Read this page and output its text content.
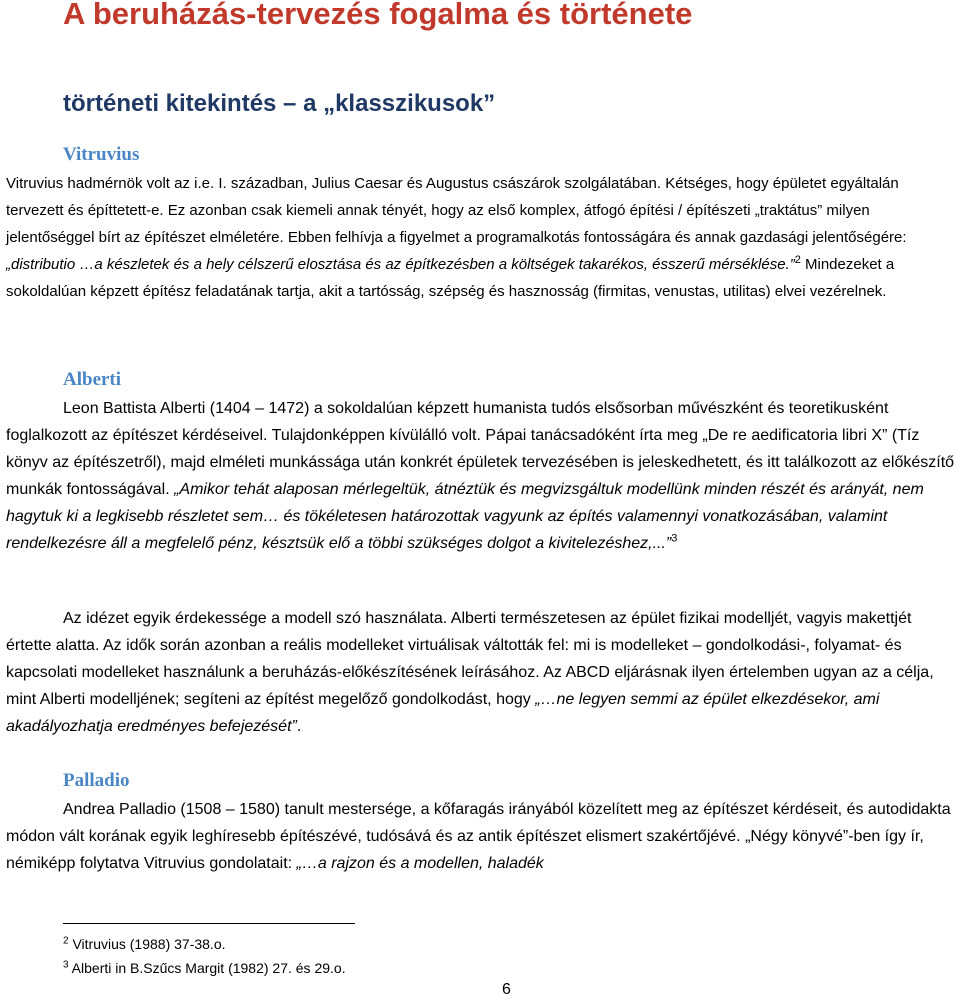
A beruházás-tervezés fogalma és története
történeti kitekintés – a „klasszikusok”
Vitruvius

Vitruvius hadmérnök volt az i.e. I. században, Julius Caesar és Augustus császárok szolgálatában. Kétséges, hogy épületet egyáltalán tervezett és építtetett-e. Ez azonban csak kiemeli annak tényét, hogy az első komplex, átfogó építési / építészeti „traktátus” milyen jelentőséggel bírt az építészet elméletére. Ebben felhívja a figyelmet a programalkotás fontosságára és annak gazdasági jelentőségére: „distributio …a készletek és a hely célszerű elosztása és az építkezésben a költségek takarékos, ésszerű mérséklése.”$^2$ Mindezeket a sokoldalúan képzett építész feladatának tartja, akit a tartósság, szépség és hasznosság (firmitas, venustas, utilitas) elvei vezérelnek.

Alberti

Leon Battista Alberti (1404 – 1472) a sokoldalúan képzett humanista tudós elsősorban művészként és teoretikusként foglalkozott az építészet kérdéseivel. Tulajdonképpen kívülálló volt. Pápai tanácsadóként írta meg „De re aedificatoria libri X” (Tíz könyv az építészetről), majd elméleti munkássága után konkrét épületek tervezésében is jeleskedhetett, és itt találkozott az előkészítő munkák fontosságával. „Amikor tehát alaposan mérlegeltük, átnéztük és megvizsgáltuk modellünk minden részét és arányát, nem hagytuk ki a legkisebb részletet sem… és tökéletesen határozottak vagyunk az építés valamennyi vonatkozásában, valamint rendelkezésre áll a megfelelő pénz, késztsük elő a többi szükséges dolgot a kivitelezéshez,...”$^3$

Az idézet egyik érdekessége a modell szó használata. Alberti természetesen az épület fizikai modelljét, vagyis makettjét értette alatta. Az idők során azonban a reális modelleket virtuálisak váltották fel: mi is modelleket – gondolkodási-, folyamat- és kapcsolati modelleket használunk a beruházás-előkészítésének leírásához. Az ABCD eljárásnak ilyen értelemben ugyan az a célja, mint Alberti modelljének; segíteni az építést megelőző gondolkodást, hogy „…ne legyen semmi az épület elkezdésekor, ami akadályozhatja eredményes befejezését”.

Palladio

Andrea Palladio (1508 – 1580) tanult mestersége, a kőfaragás irányából közelített meg az építészet kérdéseit, és autodidakta módon vált korának egyik leghíresebb építészévé, tudósává és az antik építészet elismert szakértőjévé. „Négy könyvé”-ben így ír, némiképp folytatva Vitruvius gondolatait: „…a rajzon és a modellen, haladék

$^2$ Vitruvius (1988) 37-38.o.

$^3$ Alberti in B.Szűcs Margit (1982) 27. és 29.o.

6
